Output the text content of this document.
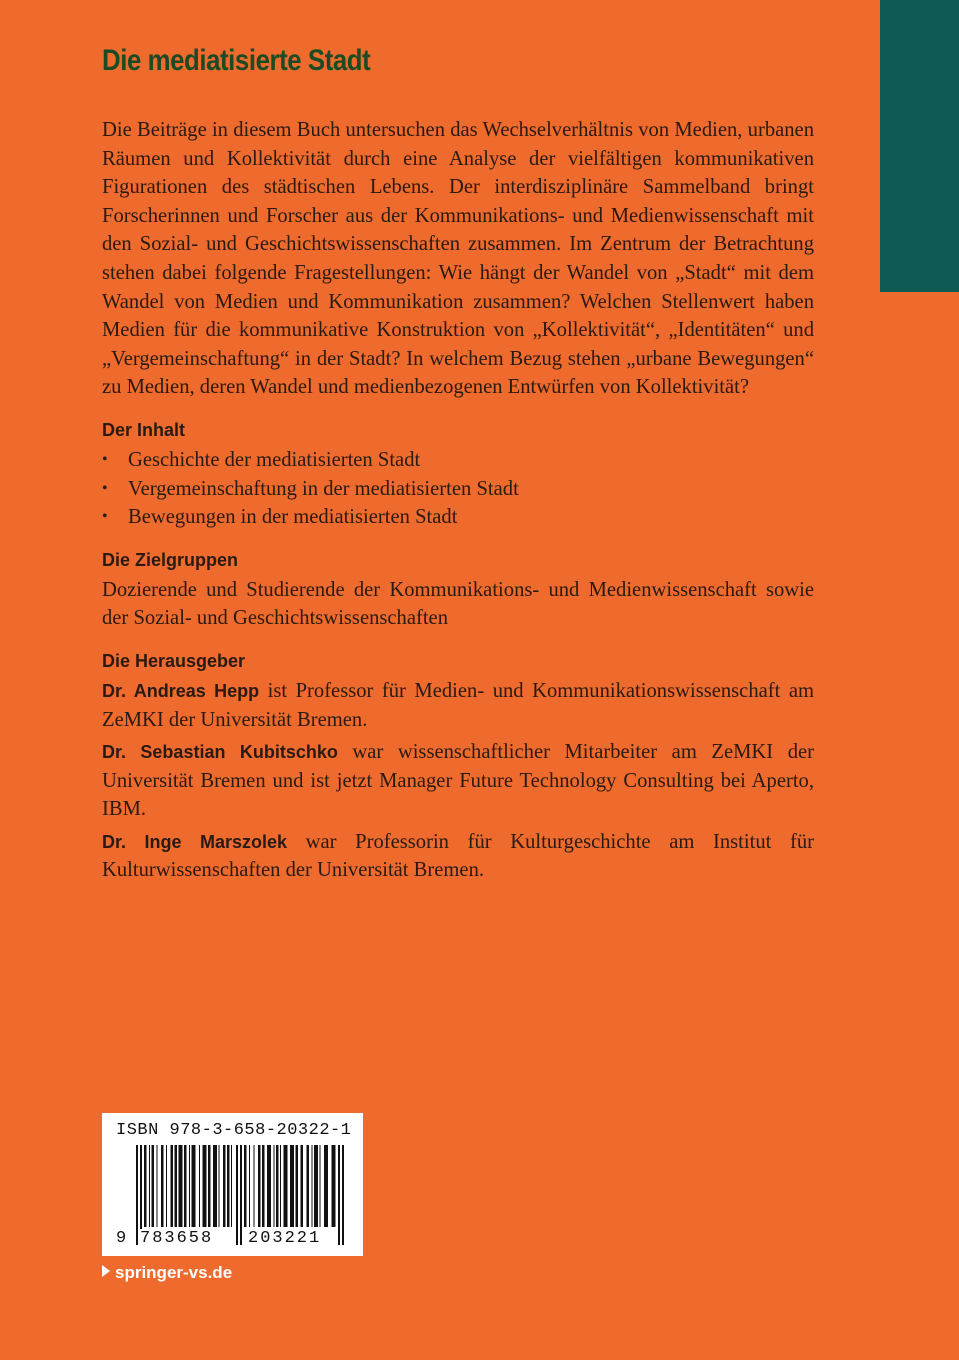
Die mediatisierte Stadt

Die Beiträge in diesem Buch untersuchen das Wechselverhältnis von Medien, urbanen Räumen und Kollektivität durch eine Analyse der vielfältigen kommunikativen Figurationen des städtischen Lebens. Der interdisziplinäre Sammelband bringt Forscherinnen und Forscher aus der Kommunikations- und Medienwissenschaft mit den Sozial- und Geschichtswissenschaften zusammen. Im Zentrum der Betrachtung stehen dabei folgende Fragestellungen: Wie hängt der Wandel von „Stadt“ mit dem Wandel von Medien und Kommunikation zusammen? Welchen Stellenwert haben Medien für die kommunikative Konstruktion von „Kollektivität“, „Identitäten“ und „Vergemeinschaftung“ in der Stadt? In welchem Bezug stehen „urbane Bewegungen“ zu Medien, deren Wandel und medienbezogenen Entwürfen von Kollektivität?

Der Inhalt

• Geschichte der mediatisierten Stadt
• Vergemeinschaftung in der mediatisierten Stadt
• Bewegungen in der mediatisierten Stadt

Die Zielgruppen

Dozierende und Studierende der Kommunikations- und Medienwissenschaft sowie der Sozial- und Geschichtswissenschaften

Die Herausgeber

Dr. Andreas Hepp ist Professor für Medien- und Kommunikationswissenschaft am ZeMKI der Universität Bremen.

Dr. Sebastian Kubitschko war wissenschaftlicher Mitarbeiter am ZeMKI der Universität Bremen und ist jetzt Manager Future Technology Consulting bei Aperto, IBM.

Dr. Inge Marszolek war Professorin für Kulturgeschichte am Institut für Kulturwissenschaften der Universität Bremen.

ISBN 978-3-658-20322-1
9 783658 203221
springer-vs.de
